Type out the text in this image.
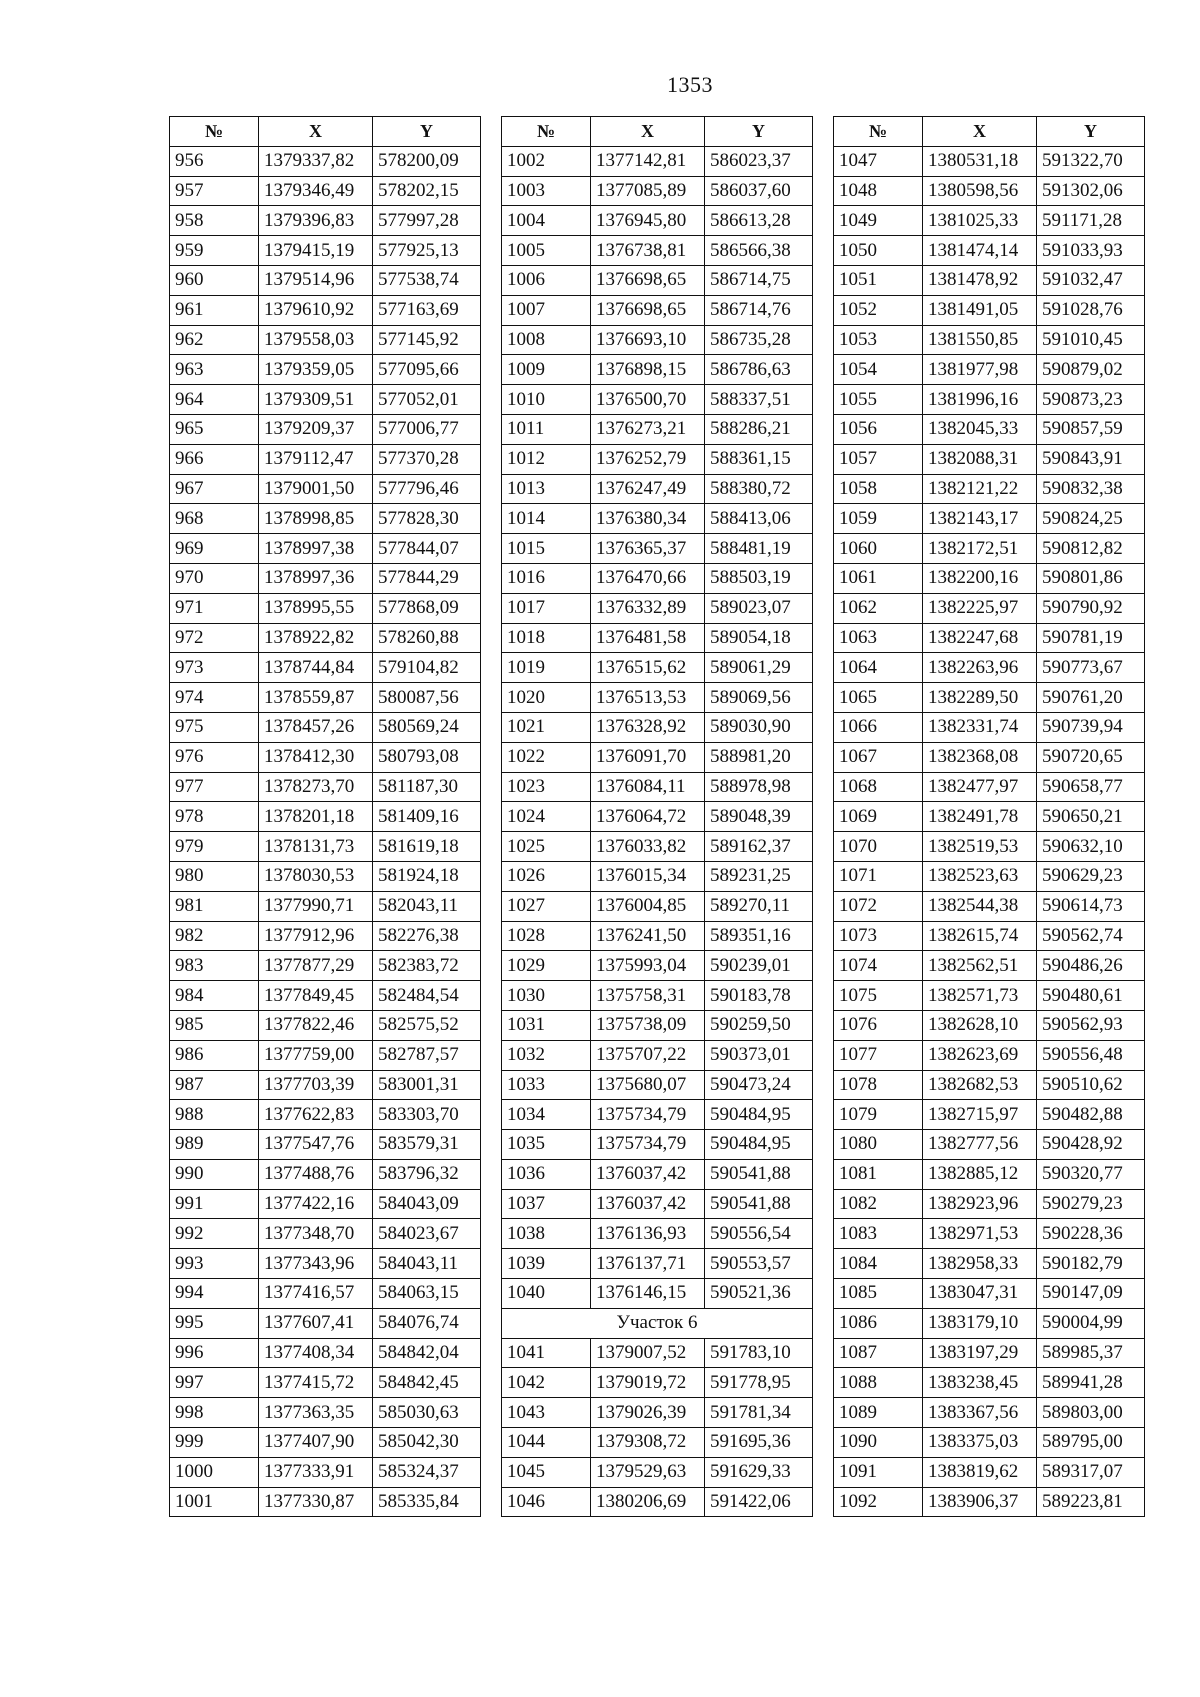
1353
№	X	Y
956	1379337,82	578200,09
957	1379346,49	578202,15
958	1379396,83	577997,28
959	1379415,19	577925,13
960	1379514,96	577538,74
961	1379610,92	577163,69
962	1379558,03	577145,92
963	1379359,05	577095,66
964	1379309,51	577052,01
965	1379209,37	577006,77
966	1379112,47	577370,28
967	1379001,50	577796,46
968	1378998,85	577828,30
969	1378997,38	577844,07
970	1378997,36	577844,29
971	1378995,55	577868,09
972	1378922,82	578260,88
973	1378744,84	579104,82
974	1378559,87	580087,56
975	1378457,26	580569,24
976	1378412,30	580793,08
977	1378273,70	581187,30
978	1378201,18	581409,16
979	1378131,73	581619,18
980	1378030,53	581924,18
981	1377990,71	582043,11
982	1377912,96	582276,38
983	1377877,29	582383,72
984	1377849,45	582484,54
985	1377822,46	582575,52
986	1377759,00	582787,57
987	1377703,39	583001,31
988	1377622,83	583303,70
989	1377547,76	583579,31
990	1377488,76	583796,32
991	1377422,16	584043,09
992	1377348,70	584023,67
993	1377343,96	584043,11
994	1377416,57	584063,15
995	1377607,41	584076,74
996	1377408,34	584842,04
997	1377415,72	584842,45
998	1377363,35	585030,63
999	1377407,90	585042,30
1000	1377333,91	585324,37
1001	1377330,87	585335,84
№	X	Y
1002	1377142,81	586023,37
1003	1377085,89	586037,60
1004	1376945,80	586613,28
1005	1376738,81	586566,38
1006	1376698,65	586714,75
1007	1376698,65	586714,76
1008	1376693,10	586735,28
1009	1376898,15	586786,63
1010	1376500,70	588337,51
1011	1376273,21	588286,21
1012	1376252,79	588361,15
1013	1376247,49	588380,72
1014	1376380,34	588413,06
1015	1376365,37	588481,19
1016	1376470,66	588503,19
1017	1376332,89	589023,07
1018	1376481,58	589054,18
1019	1376515,62	589061,29
1020	1376513,53	589069,56
1021	1376328,92	589030,90
1022	1376091,70	588981,20
1023	1376084,11	588978,98
1024	1376064,72	589048,39
1025	1376033,82	589162,37
1026	1376015,34	589231,25
1027	1376004,85	589270,11
1028	1376241,50	589351,16
1029	1375993,04	590239,01
1030	1375758,31	590183,78
1031	1375738,09	590259,50
1032	1375707,22	590373,01
1033	1375680,07	590473,24
1034	1375734,79	590484,95
1035	1375734,79	590484,95
1036	1376037,42	590541,88
1037	1376037,42	590541,88
1038	1376136,93	590556,54
1039	1376137,71	590553,57
1040	1376146,15	590521,36
Участок 6		
1041	1379007,52	591783,10
1042	1379019,72	591778,95
1043	1379026,39	591781,34
1044	1379308,72	591695,36
1045	1379529,63	591629,33
1046	1380206,69	591422,06
№	X	Y
1047	1380531,18	591322,70
1048	1380598,56	591302,06
1049	1381025,33	591171,28
1050	1381474,14	591033,93
1051	1381478,92	591032,47
1052	1381491,05	591028,76
1053	1381550,85	591010,45
1054	1381977,98	590879,02
1055	1381996,16	590873,23
1056	1382045,33	590857,59
1057	1382088,31	590843,91
1058	1382121,22	590832,38
1059	1382143,17	590824,25
1060	1382172,51	590812,82
1061	1382200,16	590801,86
1062	1382225,97	590790,92
1063	1382247,68	590781,19
1064	1382263,96	590773,67
1065	1382289,50	590761,20
1066	1382331,74	590739,94
1067	1382368,08	590720,65
1068	1382477,97	590658,77
1069	1382491,78	590650,21
1070	1382519,53	590632,10
1071	1382523,63	590629,23
1072	1382544,38	590614,73
1073	1382615,74	590562,74
1074	1382562,51	590486,26
1075	1382571,73	590480,61
1076	1382628,10	590562,93
1077	1382623,69	590556,48
1078	1382682,53	590510,62
1079	1382715,97	590482,88
1080	1382777,56	590428,92
1081	1382885,12	590320,77
1082	1382923,96	590279,23
1083	1382971,53	590228,36
1084	1382958,33	590182,79
1085	1383047,31	590147,09
1086	1383179,10	590004,99
1087	1383197,29	589985,37
1088	1383238,45	589941,28
1089	1383367,56	589803,00
1090	1383375,03	589795,00
1091	1383819,62	589317,07
1092	1383906,37	589223,81
